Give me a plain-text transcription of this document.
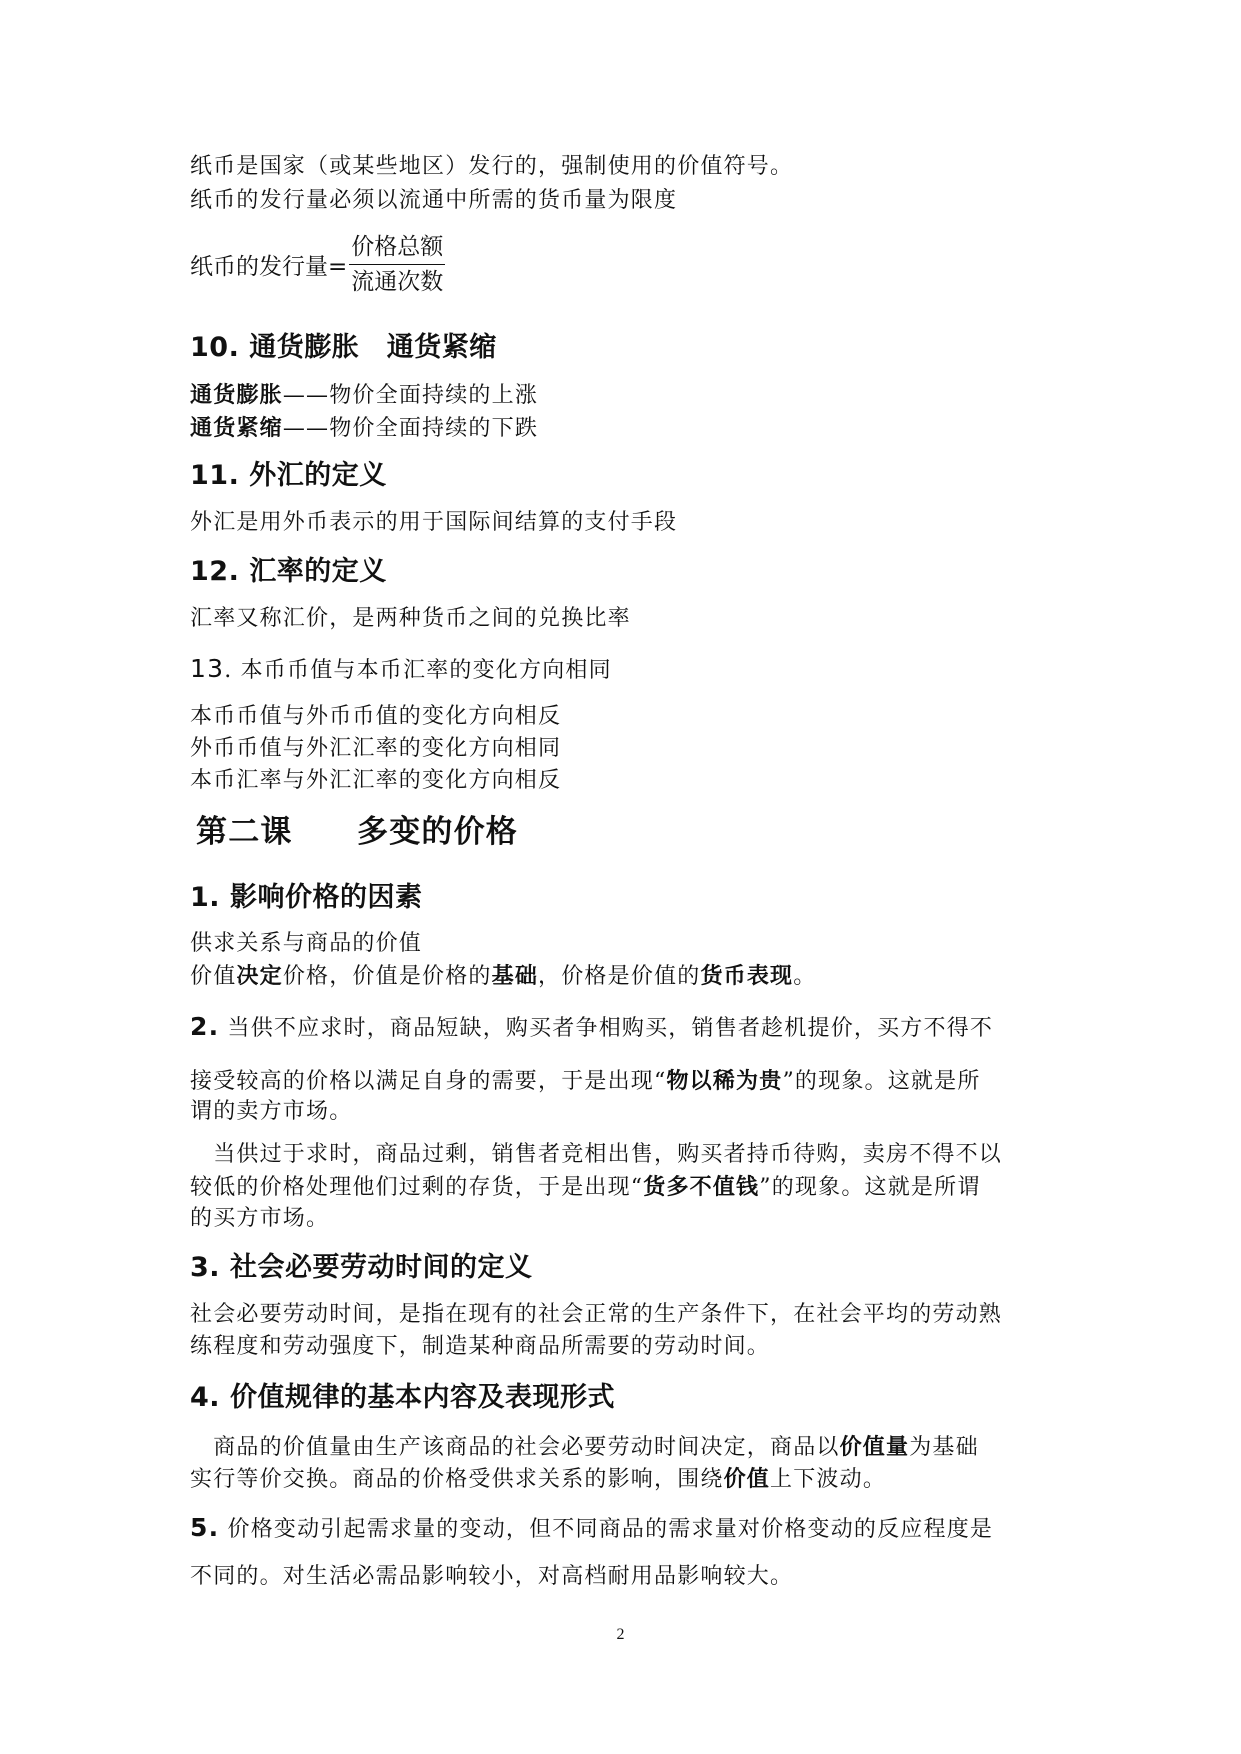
纸币是国家（或某些地区）发行的，强制使用的价值符号。
纸币的发行量必须以流通中所需的货币量为限度
纸币的发行量= $\frac{\text{价格总额}}{\text{流通次数}}$
10. 通货膨胀　通货紧缩
通货膨胀——物价全面持续的上涨
通货紧缩——物价全面持续的下跌
11. 外汇的定义
外汇是用外币表示的用于国际间结算的支付手段
12. 汇率的定义
汇率又称汇价，是两种货币之间的兑换比率
13. 本币币值与本币汇率的变化方向相同
本币币值与外币币值的变化方向相反
外币币值与外汇汇率的变化方向相同
本币汇率与外汇汇率的变化方向相反
第二课　　多变的价格
1. 影响价格的因素
供求关系与商品的价值
价值决定价格，价值是价格的基础，价格是价值的货币表现。
2. 当供不应求时，商品短缺，购买者争相购买，销售者趁机提价，买方不得不
接受较高的价格以满足自身的需要，于是出现“物以稀为贵”的现象。这就是所
谓的卖方市场。
　当供过于求时，商品过剩，销售者竞相出售，购买者持币待购，卖房不得不以
较低的价格处理他们过剩的存货，于是出现“货多不值钱”的现象。这就是所谓
的买方市场。
3. 社会必要劳动时间的定义
社会必要劳动时间，是指在现有的社会正常的生产条件下，在社会平均的劳动熟
练程度和劳动强度下，制造某种商品所需要的劳动时间。
4. 价值规律的基本内容及表现形式
　商品的价值量由生产该商品的社会必要劳动时间决定，商品以价值量为基础
实行等价交换。商品的价格受供求关系的影响，围绕价值上下波动。
5. 价格变动引起需求量的变动，但不同商品的需求量对价格变动的反应程度是
不同的。对生活必需品影响较小，对高档耐用品影响较大。
2
